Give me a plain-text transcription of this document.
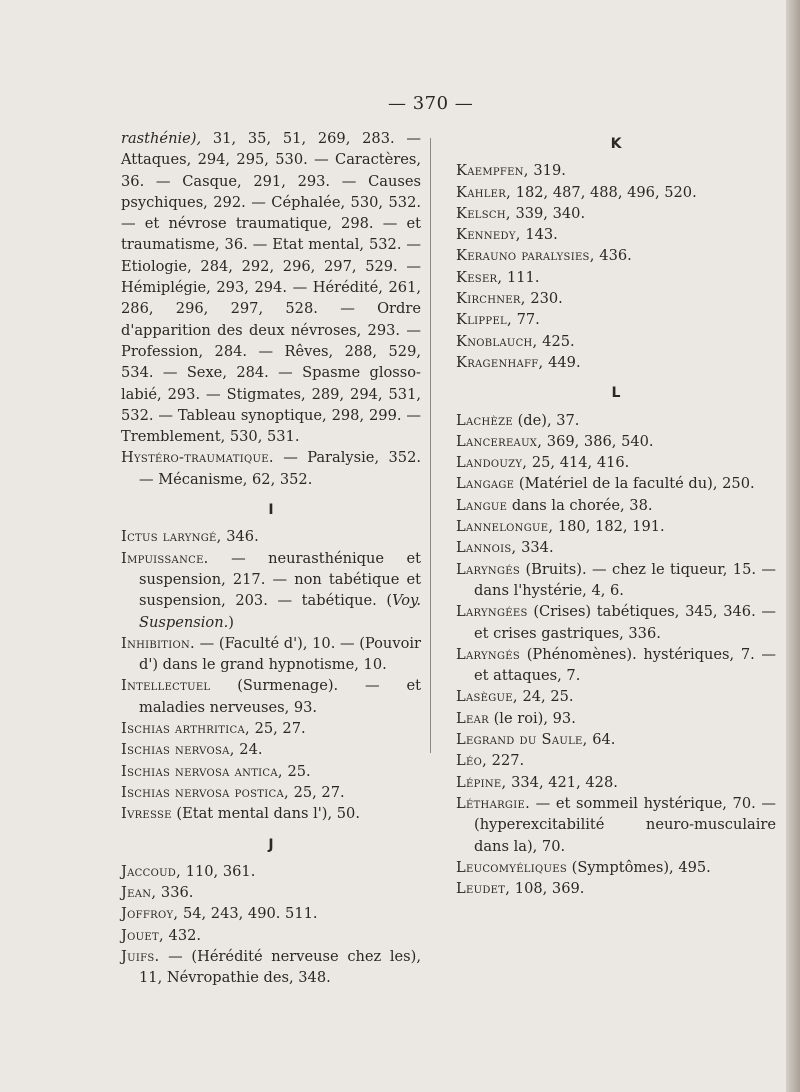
— 370 —

rasthénie), 31, 35, 51, 269, 283. — Attaques, 294, 295, 530. — Caractères, 36. — Casque, 291, 293. — Causes psychiques, 292. — Céphalée, 530, 532. — et névrose traumatique, 298. — et traumatisme, 36. — Etat mental, 532. — Etiologie, 284, 292, 296, 297, 529. — Hémiplégie, 293, 294. — Hérédité, 261, 286, 296, 297, 528. — Ordre d'apparition des deux névroses, 293. — Profession, 284. — Rêves, 288, 529, 534. — Sexe, 284. — Spasme glosso-labié, 293. — Stigmates, 289, 294, 531, 532. — Tableau synoptique, 298, 299. — Tremblement, 530, 531.

Hystéro-traumatique. — Paralysie, 352. — Mécanisme, 62, 352.

I

Ictus laryngé, 346.

Impuissance. — neurasthénique et suspension, 217. — non tabétique et suspension, 203. — tabétique. (Voy. Suspension.)

Inhibition. — (Faculté d'), 10. — (Pouvoir d') dans le grand hypnotisme, 10.

Intellectuel (Surmenage). — et maladies nerveuses, 93.

Ischias arthritica, 25, 27.

Ischias nervosa, 24.

Ischias nervosa antica, 25.

Ischias nervosa postica, 25, 27.

Ivresse (Etat mental dans l'), 50.

J

Jaccoud, 110, 361.

Jean, 336.

Joffroy, 54, 243, 490. 511.

Jouet, 432.

Juifs. — (Hérédité nerveuse chez les), 11, Névropathie des, 348.

K

Kaempfen, 319.

Kahler, 182, 487, 488, 496, 520.

Kelsch, 339, 340.

Kennedy, 143.

Kerauno paralysies, 436.

Keser, 111.

Kirchner, 230.

Klippel, 77.

Knoblauch, 425.

Kragenhaff, 449.

L

Lachèze (de), 37.

Lancereaux, 369, 386, 540.

Landouzy, 25, 414, 416.

Langage (Matériel de la faculté du), 250.

Langue dans la chorée, 38.

Lannelongue, 180, 182, 191.

Lannois, 334.

Laryngés (Bruits). — chez le tiqueur, 15. — dans l'hystérie, 4, 6.

Laryngées (Crises) tabétiques, 345, 346. — et crises gastriques, 336.

Laryngés (Phénomènes). hystériques, 7. — et attaques, 7.

Lasègue, 24, 25.

Lear (le roi), 93.

Legrand du Saule, 64.

Léo, 227.

Lépine, 334, 421, 428.

Léthargie. — et sommeil hystérique, 70. — (hyperexcitabilité neuro-musculaire dans la), 70.

Leucomyéliques (Symptômes), 495.

Leudet, 108, 369.
